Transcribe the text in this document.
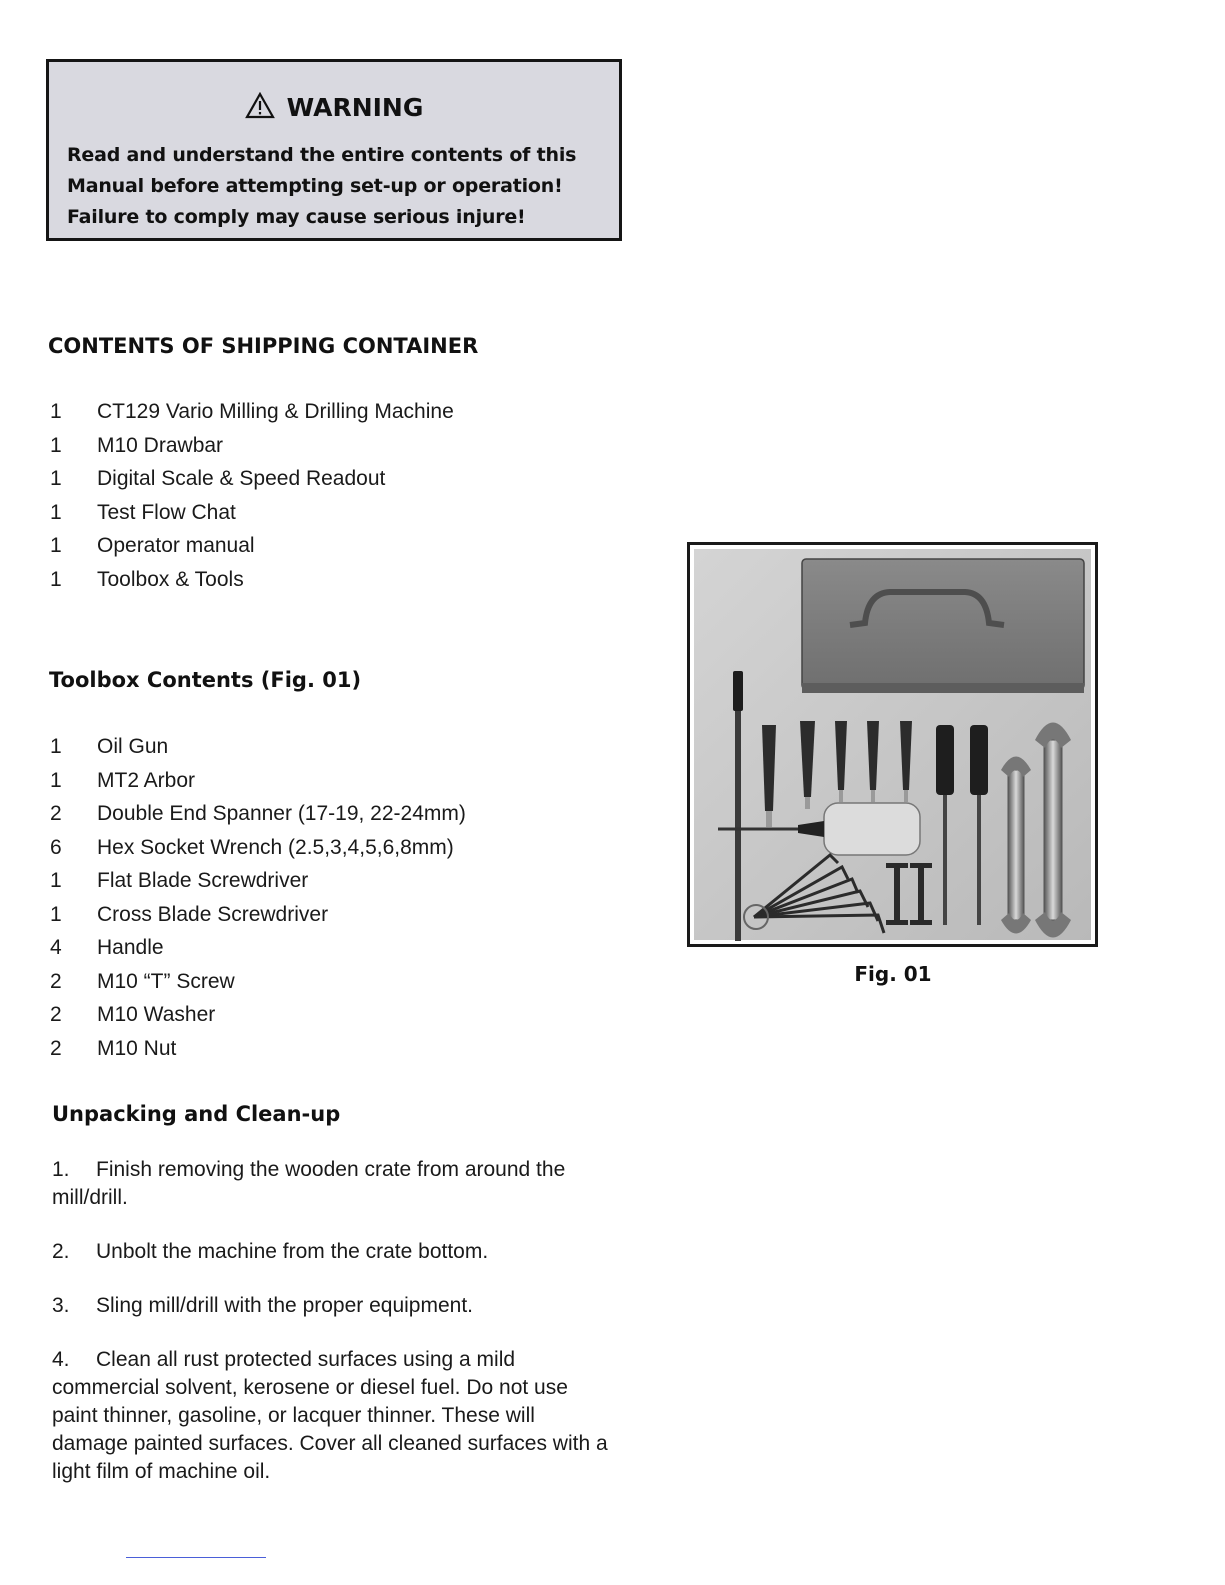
WARNING
Read and understand the entire contents of this
Manual before attempting set-up or operation!
Failure to comply may cause serious injure!
CONTENTS OF SHIPPING CONTAINER
1	CT129 Vario Milling & Drilling Machine
1	M10 Drawbar
1	Digital Scale & Speed Readout
1	Test Flow Chat
1	Operator manual
1	Toolbox & Tools
Toolbox Contents (Fig. 01)
1	Oil Gun
1	MT2 Arbor
2	Double End Spanner (17-19, 22-24mm)
6	Hex Socket Wrench (2.5,3,4,5,6,8mm)
1	Flat Blade Screwdriver
1	Cross Blade Screwdriver
4	Handle
2	M10 “T” Screw
2	M10 Washer
2	M10 Nut
Unpacking and Clean-up
1. Finish removing the wooden crate from around the mill/drill.
2. Unbolt the machine from the crate bottom.
3. Sling mill/drill with the proper equipment.
4. Clean all rust protected surfaces using a mild commercial solvent, kerosene or diesel fuel. Do not use paint thinner, gasoline, or lacquer thinner. These will damage painted surfaces. Cover all cleaned surfaces with a light film of machine oil.
Fig. 01
